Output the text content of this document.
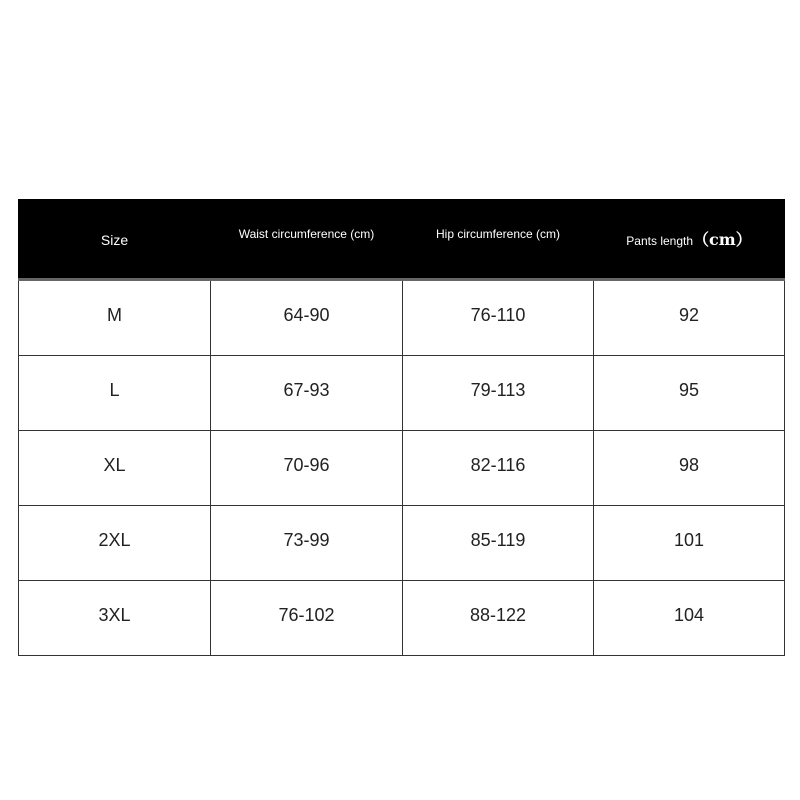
Size	Waist circumference (cm)	Hip circumference (cm)	Pants length（cm）
M	64-90	76-110	92
L	67-93	79-113	95
XL	70-96	82-116	98
2XL	73-99	85-119	101
3XL	76-102	88-122	104
